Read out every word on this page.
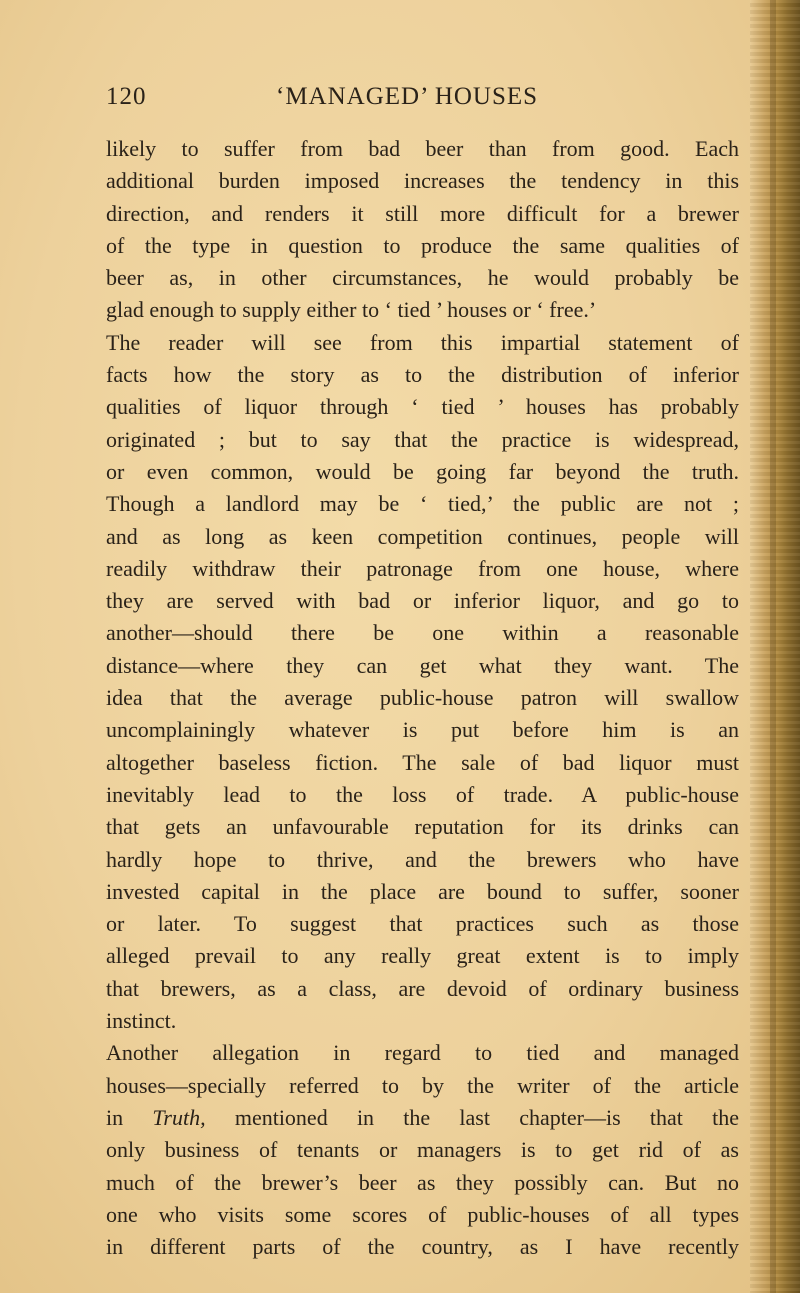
120	‘MANAGED’ HOUSES
likely to suffer from bad beer than from good. Each
additional burden imposed increases the tendency in this
direction, and renders it still more difficult for a brewer
of the type in question to produce the same qualities of
beer as, in other circumstances, he would probably be
glad enough to supply either to ‘ tied ’ houses or ‘ free.’
The reader will see from this impartial statement of
facts how the story as to the distribution of inferior
qualities of liquor through ‘ tied ’ houses has probably
originated ; but to say that the practice is widespread,
or even common, would be going far beyond the truth.
Though a landlord may be ‘ tied,’ the public are not ;
and as long as keen competition continues, people will
readily withdraw their patronage from one house, where
they are served with bad or inferior liquor, and go to
another—should there be one within a reasonable
distance—where they can get what they want. The
idea that the average public-house patron will swallow
uncomplainingly whatever is put before him is an
altogether baseless fiction. The sale of bad liquor must
inevitably lead to the loss of trade. A public-house
that gets an unfavourable reputation for its drinks can
hardly hope to thrive, and the brewers who have
invested capital in the place are bound to suffer, sooner
or later. To suggest that practices such as those
alleged prevail to any really great extent is to imply
that brewers, as a class, are devoid of ordinary business
instinct.
Another allegation in regard to tied and managed
houses—specially referred to by the writer of the article
in Truth, mentioned in the last chapter—is that the
only business of tenants or managers is to get rid of as
much of the brewer’s beer as they possibly can. But no
one who visits some scores of public-houses of all types
in different parts of the country, as I have recently
